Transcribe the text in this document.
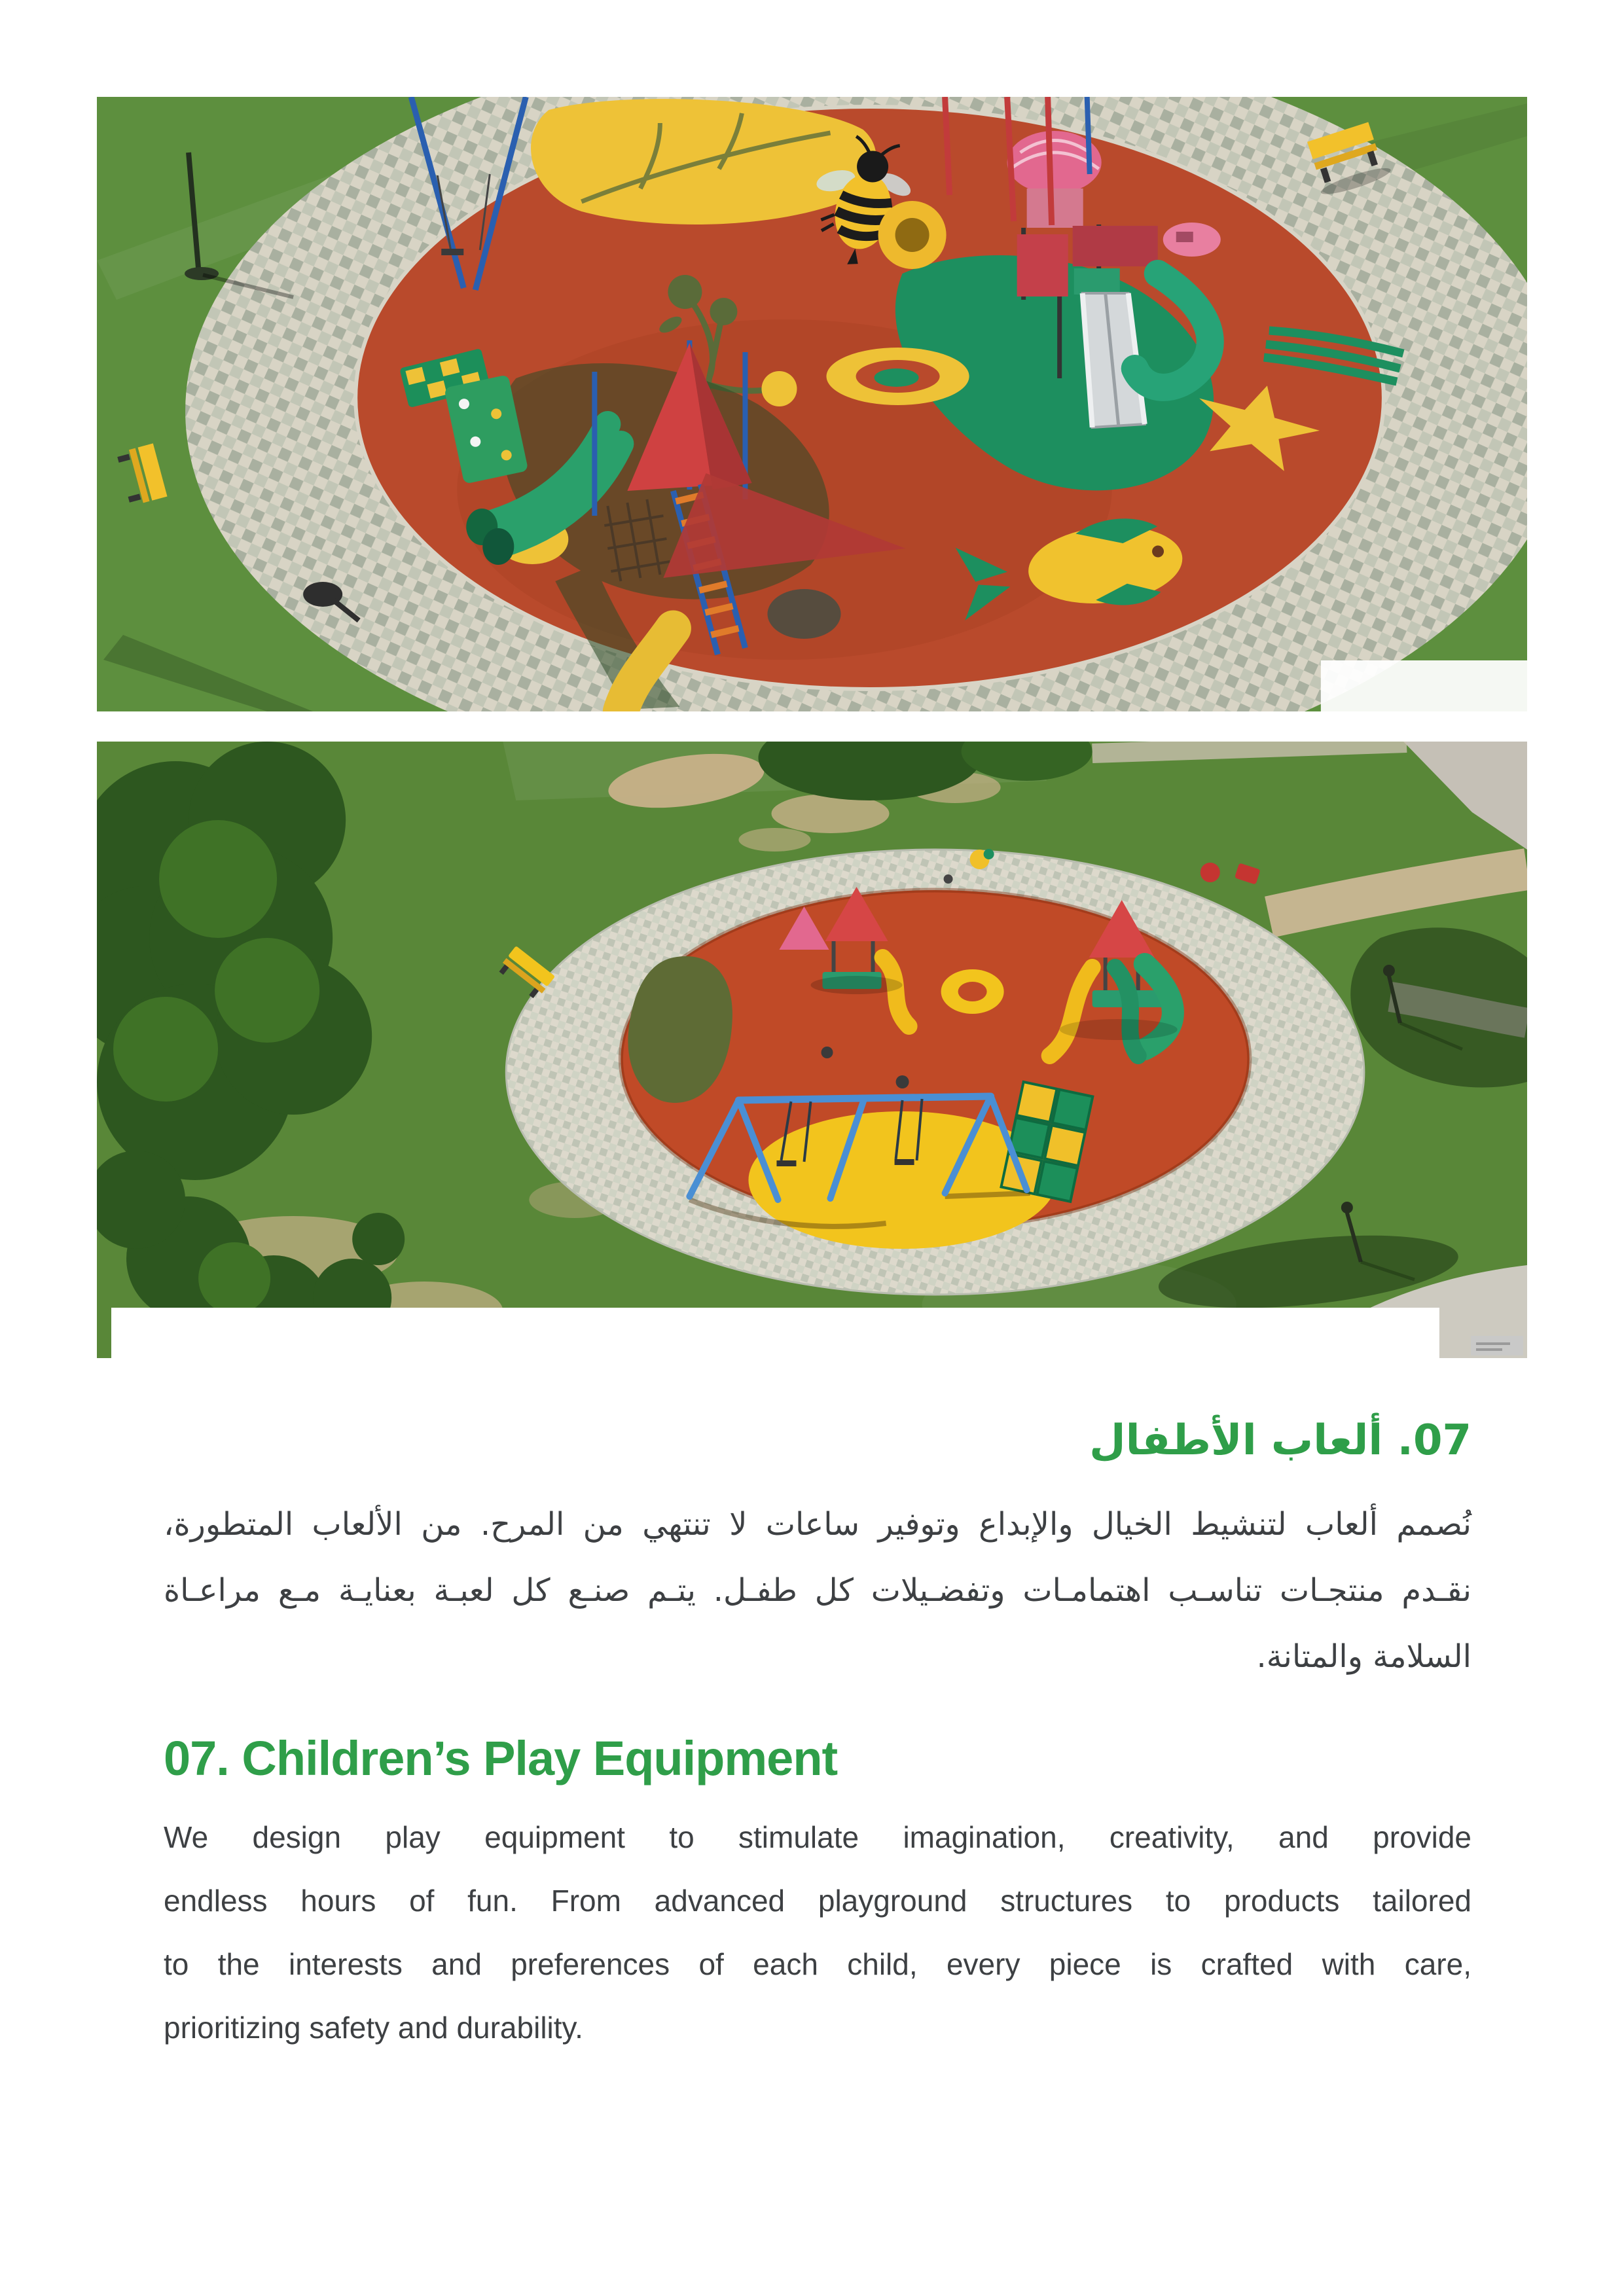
07. ألعاب الأطفال

نُصمم ألعاب لتنشيط الخيال والإبداع وتوفير ساعات لا تنتهي من المرح. من الألعاب المتطورة،

نقـدم منتجـات تناسـب اهتمامـات وتفضـيلات كل طفـل. يتـم صنـع كل لعبـة بعنايـة مـع مراعـاة

السلامة والمتانة.

07. Children’s Play Equipment

We design play equipment to stimulate imagination, creativity, and provide

endless hours of fun. From advanced playground structures to products tailored

to the interests and preferences of each child, every piece is crafted with care,

prioritizing safety and durability.
